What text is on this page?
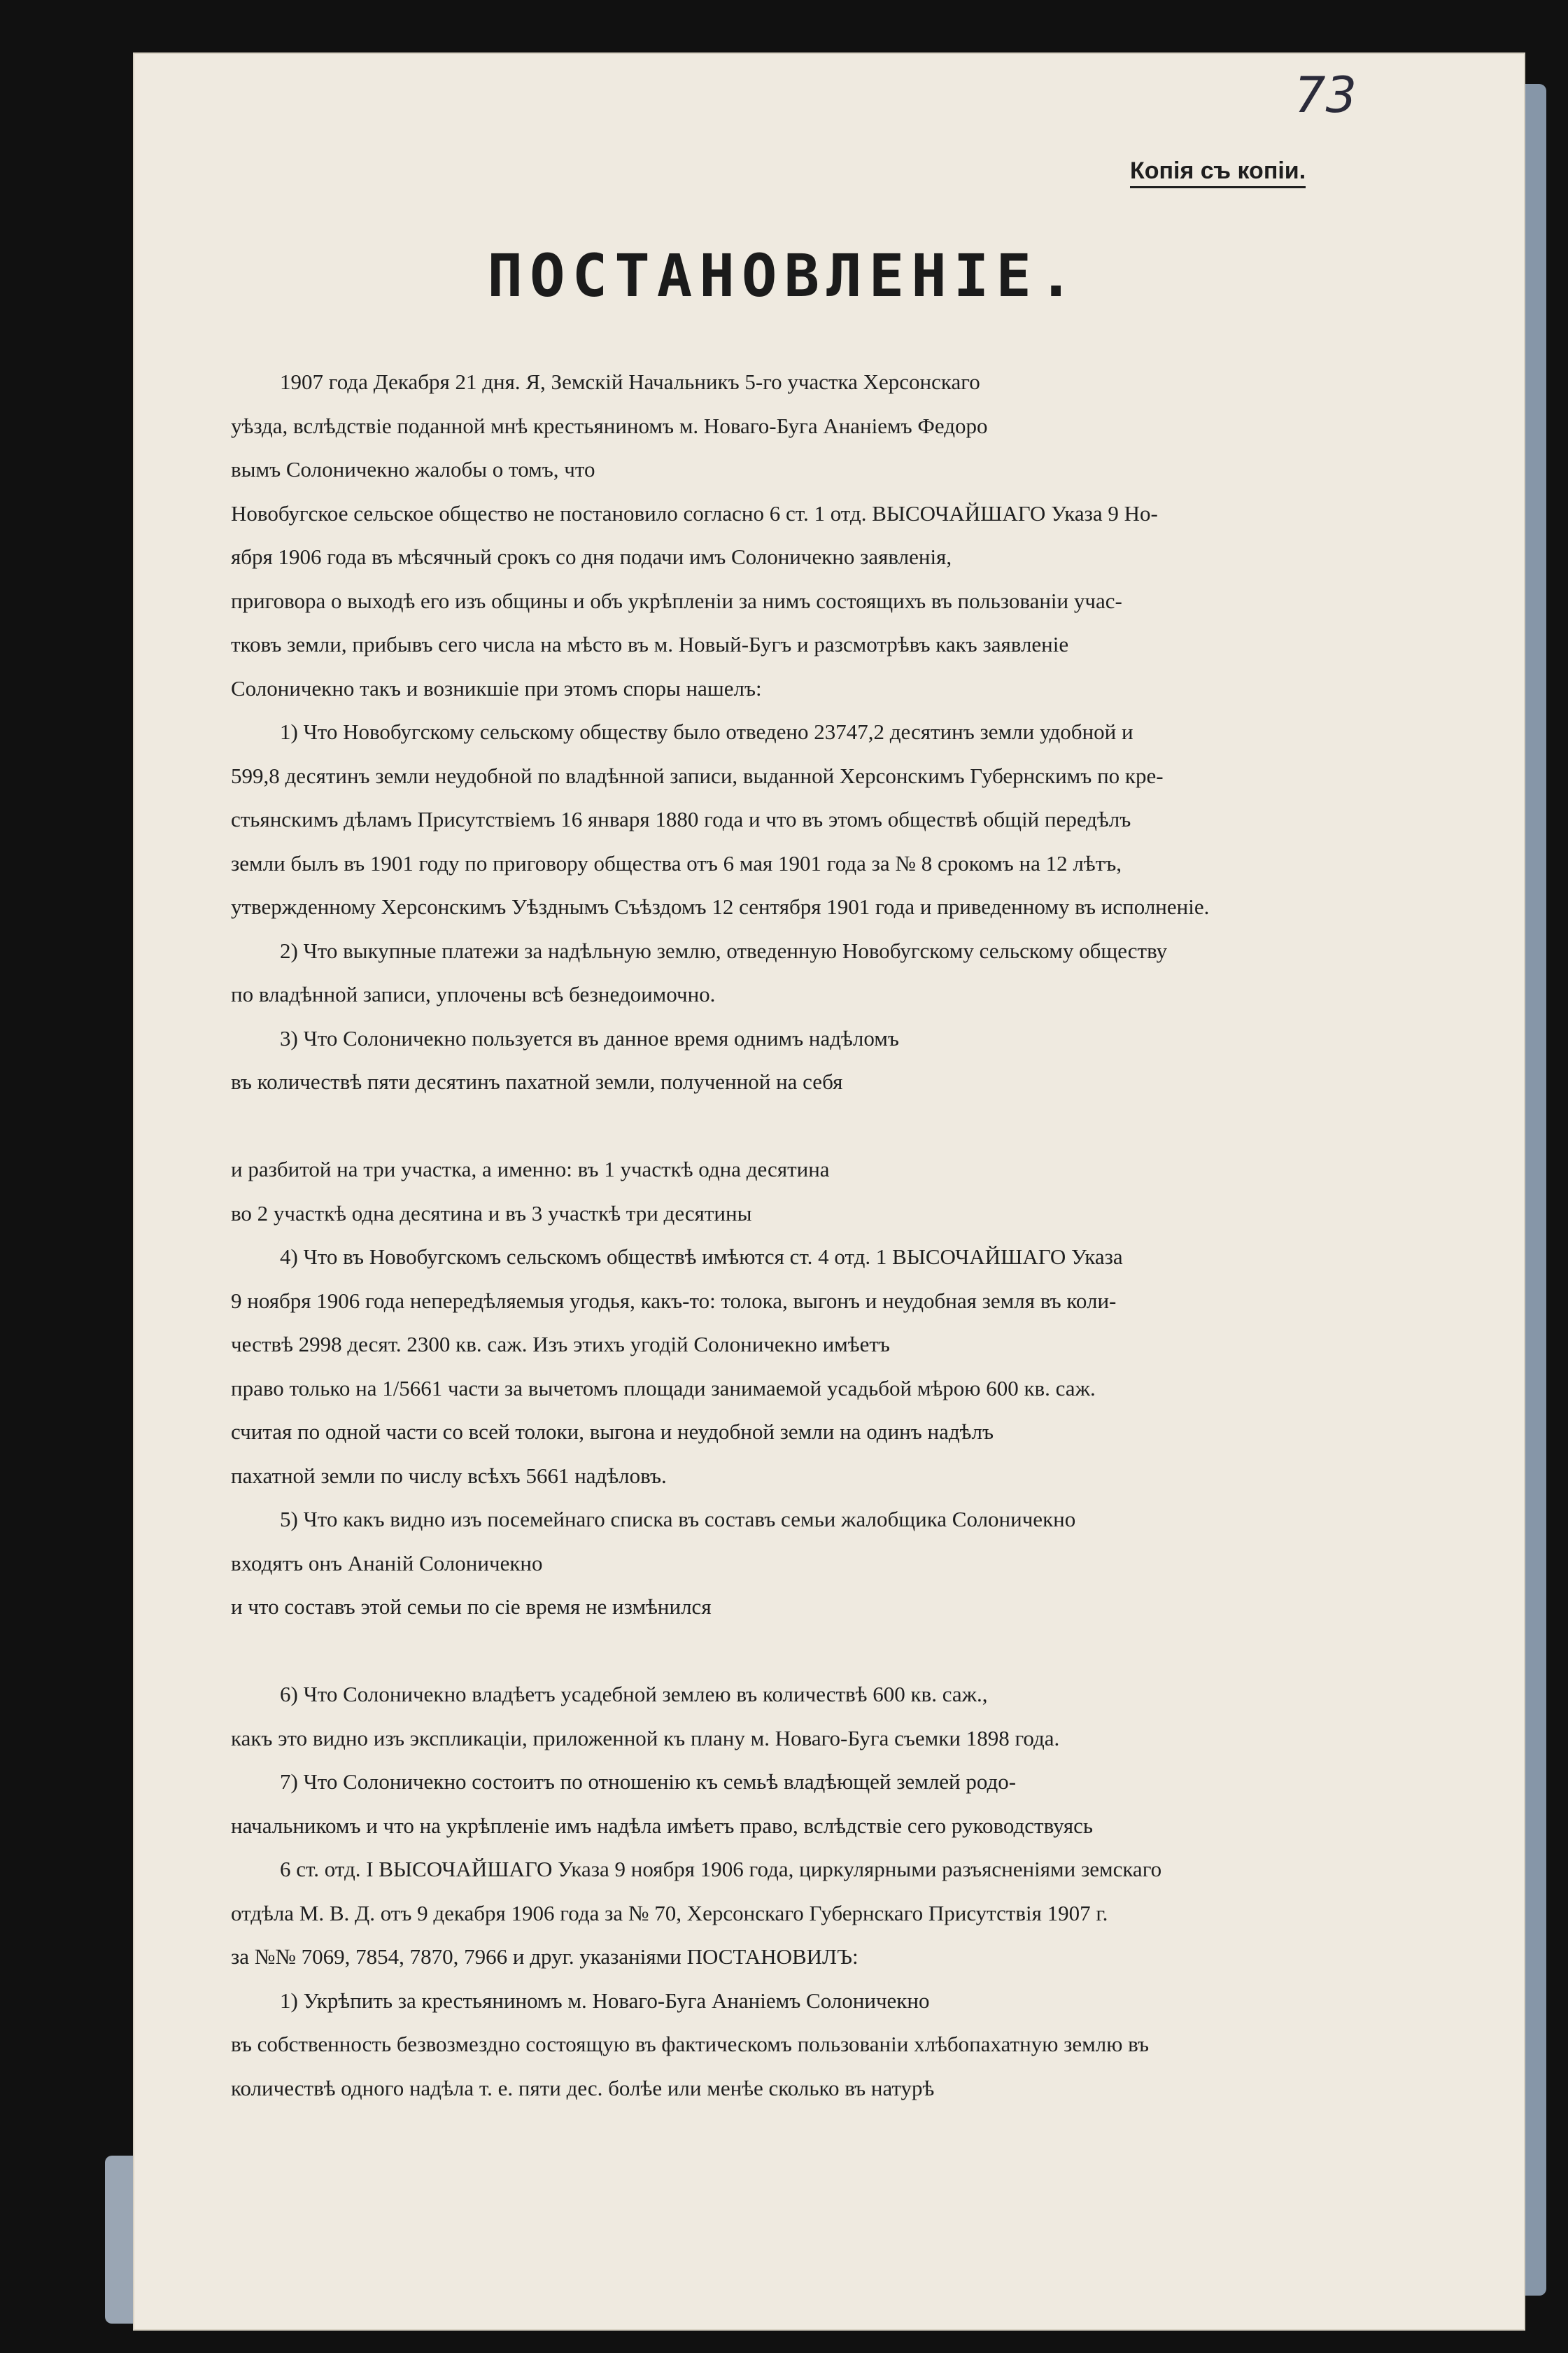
73
Копія съ копіи.
ПОСТАНОВЛЕНІЕ.
1907 года Декабря 21 дня. Я, Земскій Начальникъ 5-го участка Херсонскаго
уѣзда, вслѣдствіе поданной мнѣ крестьяниномъ м. Новаго-Буга Ананіемъ Федоро
вымъ Солоничекно жалобы о томъ, что
Новобугское сельское общество не постановило согласно 6 ст. 1 отд. ВЫСОЧАЙШАГО Указа 9 Но-
ября 1906 года въ мѣсячный срокъ со дня подачи имъ Солоничекно заявленія,
приговора о выходѣ его изъ общины и объ укрѣпленіи за нимъ состоящихъ въ пользованіи учас-
тковъ земли, прибывъ сего числа на мѣсто въ м. Новый-Бугъ и разсмотрѣвъ какъ заявленіе
Солоничекно такъ и возникшіе при этомъ споры нашелъ:
1) Что Новобугскому сельскому обществу было отведено 23747,2 десятинъ земли удобной и
599,8 десятинъ земли неудобной по владѣнной записи, выданной Херсонскимъ Губернскимъ по кре-
стьянскимъ дѣламъ Присутствіемъ 16 января 1880 года и что въ этомъ обществѣ общій передѣлъ
земли былъ въ 1901 году по приговору общества отъ 6 мая 1901 года за № 8 срокомъ на 12 лѣтъ,
утвержденному Херсонскимъ Уѣзднымъ Съѣздомъ 12 сентября 1901 года и приведенному въ исполненіе.
2) Что выкупные платежи за надѣльную землю, отведенную Новобугскому сельскому обществу
по владѣнной записи, уплочены всѣ безнедоимочно.
3) Что Солоничекно пользуется въ данное время однимъ надѣломъ
въ количествѣ пяти десятинъ пахатной земли, полученной на себя
и разбитой на три участка, а именно: въ 1 участкѣ одна десятина
во 2 участкѣ одна десятина и въ 3 участкѣ три десятины
4) Что въ Новобугскомъ сельскомъ обществѣ имѣются ст. 4 отд. 1 ВЫСОЧАЙШАГО Указа
9 ноября 1906 года непередѣляемыя угодья, какъ-то: толока, выгонъ и неудобная земля въ коли-
чествѣ 2998 десят. 2300 кв. саж. Изъ этихъ угодій Солоничекно имѣетъ
право только на 1/5661 части за вычетомъ площади занимаемой усадьбой мѣрою 600 кв. саж.
считая по одной части со всей толоки, выгона и неудобной земли на одинъ надѣлъ
пахатной земли по числу всѣхъ 5661 надѣловъ.
5) Что какъ видно изъ посемейнаго списка въ составъ семьи жалобщика Солоничекно
входятъ онъ Ананій Солоничекно
и что составъ этой семьи по сіе время не измѣнился
6) Что Солоничекно владѣетъ усадебной землею въ количествѣ 600 кв. саж.,
какъ это видно изъ экспликаціи, приложенной къ плану м. Новаго-Буга съемки 1898 года.
7) Что Солоничекно состоитъ по отношенію къ семьѣ владѣющей землей родо-
начальникомъ и что на укрѣпленіе имъ надѣла имѣетъ право, вслѣдствіе сего руководствуясь
6 ст. отд. I ВЫСОЧАЙШАГО Указа 9 ноября 1906 года, циркулярными разъясненіями земскаго
отдѣла М. В. Д. отъ 9 декабря 1906 года за № 70, Херсонскаго Губернскаго Присутствія 1907 г.
за №№ 7069, 7854, 7870, 7966 и друг. указаніями ПОСТАНОВИЛЪ:
1) Укрѣпить за крестьяниномъ м. Новаго-Буга Ананіемъ Солоничекно
въ собственность безвозмездно состоящую въ фактическомъ пользованіи хлѣбопахатную землю въ
количествѣ одного надѣла т. е. пяти дес. болѣе или менѣе сколько въ натурѣ
